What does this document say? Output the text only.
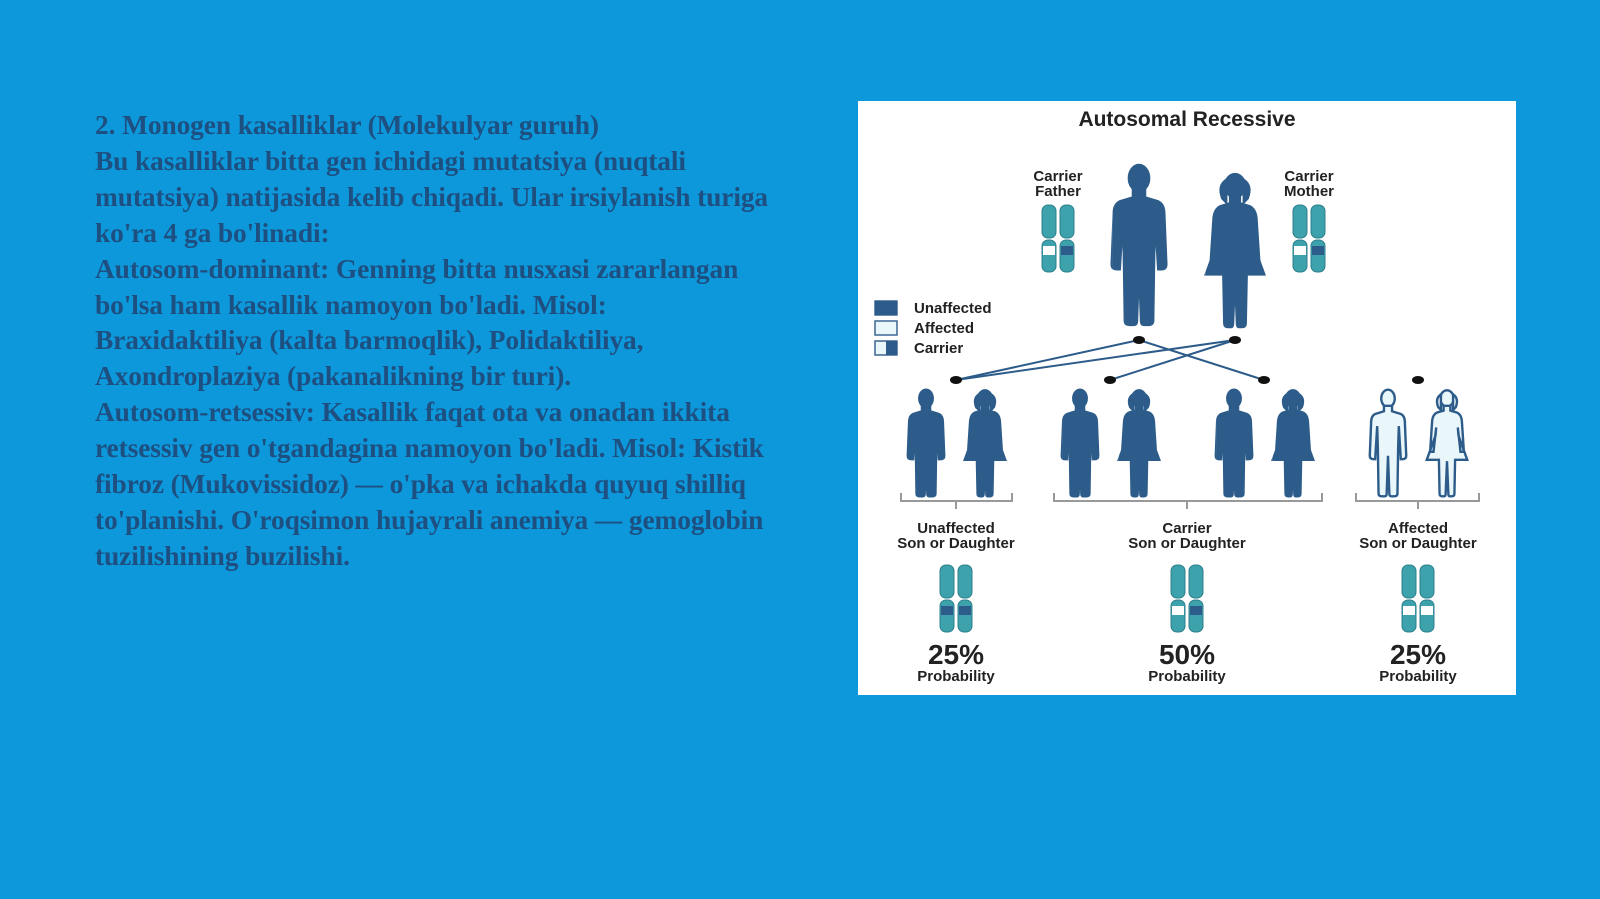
2. Monogen kasalliklar (Molekulyar guruh)

Bu kasalliklar bitta gen ichidagi mutatsiya (nuqtali mutatsiya) natijasida kelib chiqadi. Ular irsiylanish turiga ko'ra 4 ga bo'linadi:

Autosom-dominant: Genning bitta nusxasi zararlangan bo'lsa ham kasallik namoyon bo'ladi. Misol: Braxidaktiliya (kalta barmoqlik), Polidaktiliya, Axondroplaziya (pakanalikning bir turi).

Autosom-retsessiv: Kasallik faqat ota va onadan ikkita retsessiv gen o'tgandagina namoyon bo'ladi. Misol: Kistik fibroz (Mukovissidoz) — o'pka va ichakda quyuq shilliq to'planishi. O'roqsimon hujayrali anemiya — gemoglobin tuzilishining buzilishi.

Autosomal Recessive
Carrier
Father
Carrier
Mother
Unaffected
Affected
Carrier
Unaffected
Son or Daughter
25%
Probability
Carrier
Son or Daughter
50%
Probability
Affected
Son or Daughter
25%
Probability
